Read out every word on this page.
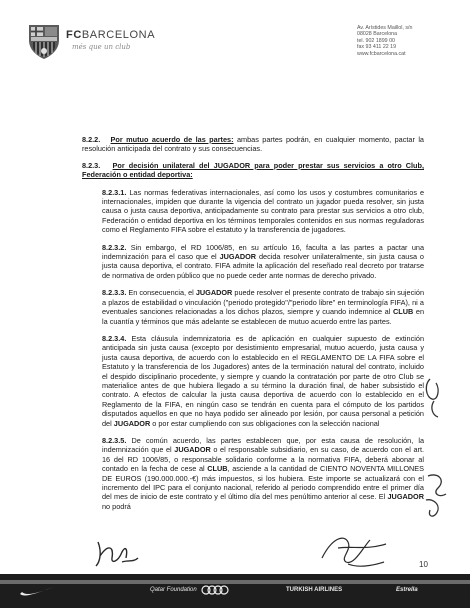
FCBARCELONA
més que un club
Av. Arístides Maillol, s/n
08028 Barcelona
tel. 902 1899 00
fax 93 411 22 19
www.fcbarcelona.cat

8.2.2. Por mutuo acuerdo de las partes: ambas partes podrán, en cualquier momento, pactar la resolución anticipada del contrato y sus consecuencias.

8.2.3. Por decisión unilateral del JUGADOR para poder prestar sus servicios a otro Club, Federación o entidad deportiva:

8.2.3.1. Las normas federativas internacionales, así como los usos y costumbres comunitarios e internacionales, impiden que durante la vigencia del contrato un jugador pueda resolver, sin justa causa o justa causa deportiva, anticipadamente su contrato para prestar sus servicios a otro club, Federación o entidad deportiva en los términos temporales contenidos en sus normas reguladoras como el Reglamento FIFA sobre el estatuto y la transferencia de jugadores.

8.2.3.2. Sin embargo, el RD 1006/85, en su artículo 16, faculta a las partes a pactar una indemnización para el caso que el JUGADOR decida resolver unilateralmente, sin justa causa o justa causa deportiva, el contrato. FIFA admite la aplicación del reseñado real decreto por tratarse de normativa de orden público que no puede ceder ante normas de derecho privado.

8.2.3.3. En consecuencia, el JUGADOR puede resolver el presente contrato de trabajo sin sujeción a plazos de estabilidad o vinculación ("periodo protegido"/"periodo libre" en terminología FIFA), ni a eventuales sanciones relacionadas a los dichos plazos, siempre y cuando indemnice al CLUB en la cuantía y términos que más adelante se establecen de mutuo acuerdo entre las partes.

8.2.3.4. Esta cláusula indemnizatoria es de aplicación en cualquier supuesto de extinción anticipada sin justa causa (excepto por desistimiento empresarial, mutuo acuerdo, justa causa y justa causa deportiva, de acuerdo con lo establecido en el REGLAMENTO DE LA FIFA sobre el Estatuto y la transferencia de los Jugadores) antes de la terminación natural del contrato, incluido el despido disciplinario procedente, y siempre y cuando la contratación por parte de otro Club se materialice antes de que hubiera llegado a su término la duración final, de haber subsistido el contrato. A efectos de calcular la justa causa deportiva de acuerdo con lo establecido en el Reglamento de la FIFA, en ningún caso se tendrán en cuenta para el cómputo de los partidos disputados aquellos en que no haya podido ser alineado por lesión, por causa personal a petición del JUGADOR o por estar cumpliendo con sus obligaciones con la selección nacional

8.2.3.5. De común acuerdo, las partes establecen que, por esta causa de resolución, la indemnización que el JUGADOR o el responsable subsidiario, en su caso, de acuerdo con el art. 16 del RD 1006/85, o responsable solidario conforme a la normativa FIFA, deberá abonar al contado en la fecha de cese al CLUB, asciende a la cantidad de CIENTO NOVENTA MILLONES DE EUROS (190.000.000.-€) más impuestos, si los hubiera. Este importe se actualizará con el incremento del IPC para el conjunto nacional, referido al periodo comprendido entre el primer día del mes de inicio de este contrato y el último día del mes penúltimo anterior al cese. El JUGADOR no podrá

10
Qatar Foundation	TURKISH AIRLINES	Estrella
